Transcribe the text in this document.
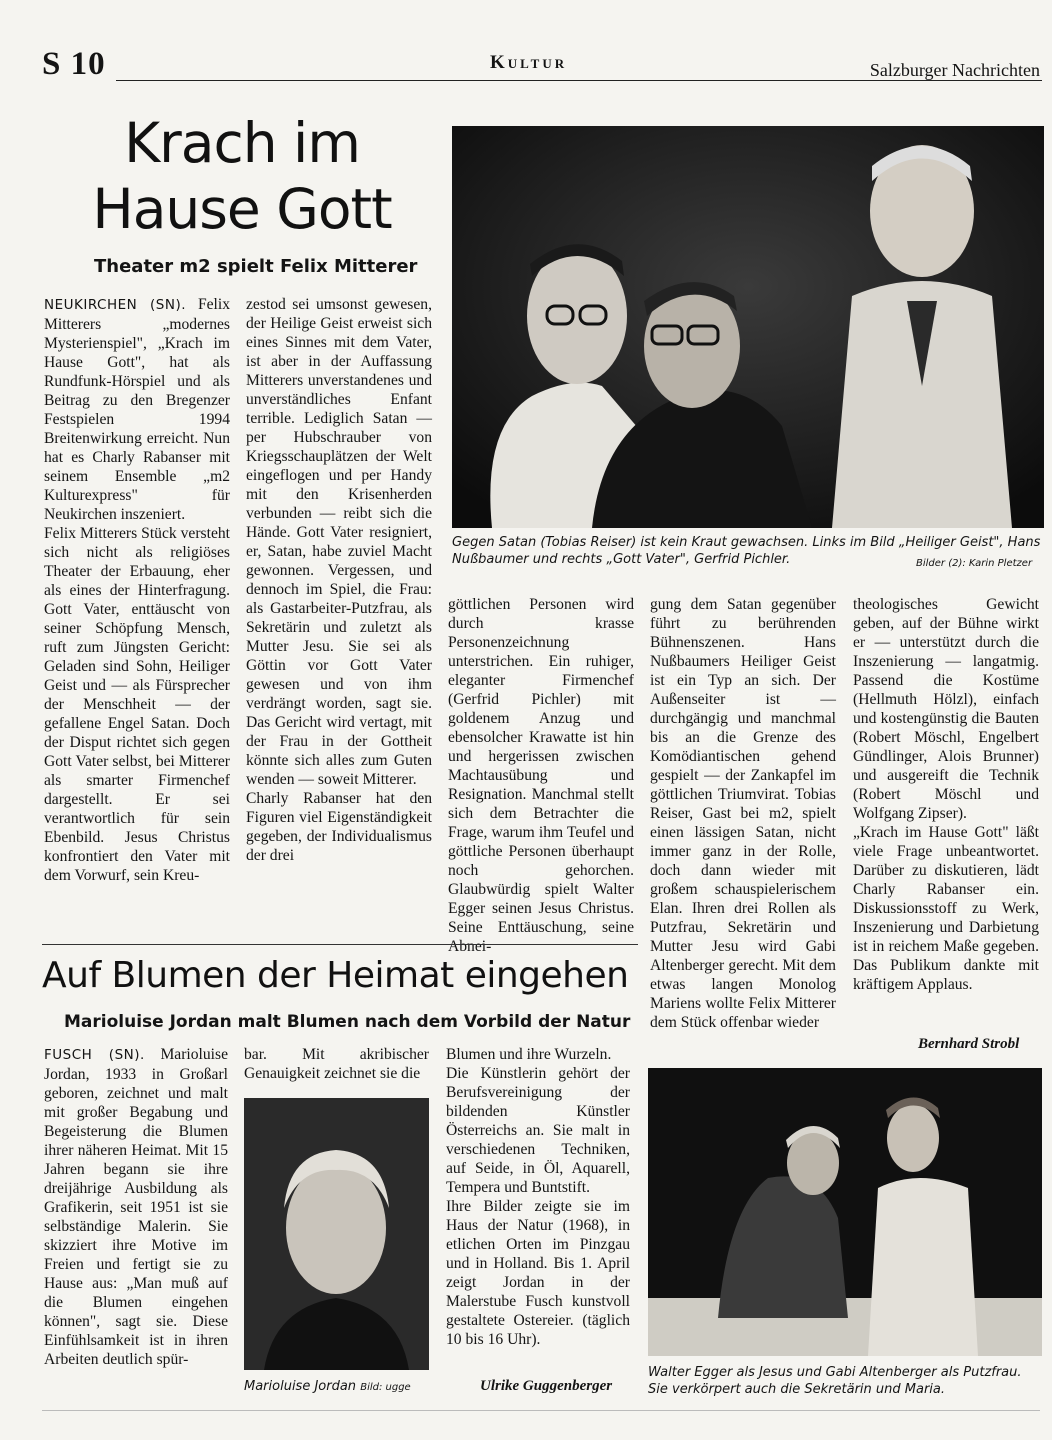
S 10	Kultur	Salzburger Nachrichten
Krach im Hause Gott
Theater m2 spielt Felix Mitterer
Gegen Satan (Tobias Reiser) ist kein Kraut gewachsen. Links im Bild „Heiliger Geist", Hans Nußbaumer und rechts „Gott Vater", Gerfrid Pichler.	Bilder (2): Karin Pletzer
NEUKIRCHEN (SN). Felix Mitterers „modernes Mysterienspiel", „Krach im Hause Gott", hat als Rundfunk-Hörspiel und als Beitrag zu den Bregenzer Festspielen 1994 Breitenwirkung erreicht. Nun hat es Charly Rabanser mit seinem Ensemble „m2 Kulturexpress" für Neukirchen inszeniert.
Felix Mitterers Stück versteht sich nicht als religiöses Theater der Erbauung, eher als eines der Hinterfragung. Gott Vater, enttäuscht von seiner Schöpfung Mensch, ruft zum Jüngsten Gericht: Geladen sind Sohn, Heiliger Geist und — als Fürsprecher der Menschheit — der gefallene Engel Satan. Doch der Disput richtet sich gegen Gott Vater selbst, bei Mitterer als smarter Firmenchef dargestellt. Er sei verantwortlich für sein Ebenbild. Jesus Christus konfrontiert den Vater mit dem Vorwurf, sein Kreu-
zestod sei umsonst gewesen, der Heilige Geist erweist sich eines Sinnes mit dem Vater, ist aber in der Auffassung Mitterers unverstandenes und unverständliches Enfant terrible. Lediglich Satan — per Hubschrauber von Kriegsschauplätzen der Welt eingeflogen und per Handy mit den Krisenherden verbunden — reibt sich die Hände. Gott Vater resigniert, er, Satan, habe zuviel Macht gewonnen. Vergessen, und dennoch im Spiel, die Frau: als Gastarbeiter-Putzfrau, als Sekretärin und zuletzt als Mutter Jesu. Sie sei als Göttin vor Gott Vater gewesen und von ihm verdrängt worden, sagt sie. Das Gericht wird vertagt, mit der Frau in der Gottheit könnte sich alles zum Guten wenden — soweit Mitterer.
Charly Rabanser hat den Figuren viel Eigenständigkeit gegeben, der Individualismus der drei
göttlichen Personen wird durch krasse Personenzeichnung unterstrichen. Ein ruhiger, eleganter Firmenchef (Gerfrid Pichler) mit goldenem Anzug und ebensolcher Krawatte ist hin und hergerissen zwischen Machtausübung und Resignation. Manchmal stellt sich dem Betrachter die Frage, warum ihm Teufel und göttliche Personen überhaupt noch gehorchen. Glaubwürdig spielt Walter Egger seinen Jesus Christus. Seine Enttäuschung, seine Abnei-
gung dem Satan gegenüber führt zu berührenden Bühnenszenen. Hans Nußbaumers Heiliger Geist ist ein Typ an sich. Der Außenseiter ist — durchgängig und manchmal bis an die Grenze des Komödiantischen gehend gespielt — der Zankapfel im göttlichen Triumvirat. Tobias Reiser, Gast bei m2, spielt einen lässigen Satan, nicht immer ganz in der Rolle, doch dann wieder mit großem schauspielerischem Elan. Ihren drei Rollen als Putzfrau, Sekretärin und Mutter Jesu wird Gabi Altenberger gerecht. Mit dem etwas langen Monolog Mariens wollte Felix Mitterer dem Stück offenbar wieder
theologisches Gewicht geben, auf der Bühne wirkt er — unterstützt durch die Inszenierung — langatmig. Passend die Kostüme (Hellmuth Hölzl), einfach und kostengünstig die Bauten (Robert Möschl, Engelbert Gündlinger, Alois Brunner) und ausgereift die Technik (Robert Möschl und Wolfgang Zipser).
„Krach im Hause Gott" läßt viele Frage unbeantwortet. Darüber zu diskutieren, lädt Charly Rabanser ein. Diskussionsstoff zu Werk, Inszenierung und Darbietung ist in reichem Maße gegeben. Das Publikum dankte mit kräftigem Applaus.
Bernhard Strobl
Auf Blumen der Heimat eingehen
Marioluise Jordan malt Blumen nach dem Vorbild der Natur
FUSCH (SN). Marioluise Jordan, 1933 in Großarl geboren, zeichnet und malt mit großer Begabung und Begeisterung die Blumen ihrer näheren Heimat. Mit 15 Jahren begann sie ihre dreijährige Ausbildung als Grafikerin, seit 1951 ist sie selbständige Malerin. Sie skizziert ihre Motive im Freien und fertigt sie zu Hause aus: „Man muß auf die Blumen eingehen können", sagt sie. Diese Einfühlsamkeit ist in ihren Arbeiten deutlich spür-
bar. Mit akribischer Genauigkeit zeichnet sie die
Marioluise Jordan Bild: ugge
Blumen und ihre Wurzeln.
Die Künstlerin gehört der Berufsvereinigung der bildenden Künstler Österreichs an. Sie malt in verschiedenen Techniken, auf Seide, in Öl, Aquarell, Tempera und Buntstift.
Ihre Bilder zeigte sie im Haus der Natur (1968), in etlichen Orten im Pinzgau und in Holland. Bis 1. April zeigt Jordan in der Malerstube Fusch kunstvoll gestaltete Ostereier. (täglich 10 bis 16 Uhr).
Ulrike Guggenberger
Walter Egger als Jesus und Gabi Altenberger als Putzfrau. Sie verkörpert auch die Sekretärin und Maria.
